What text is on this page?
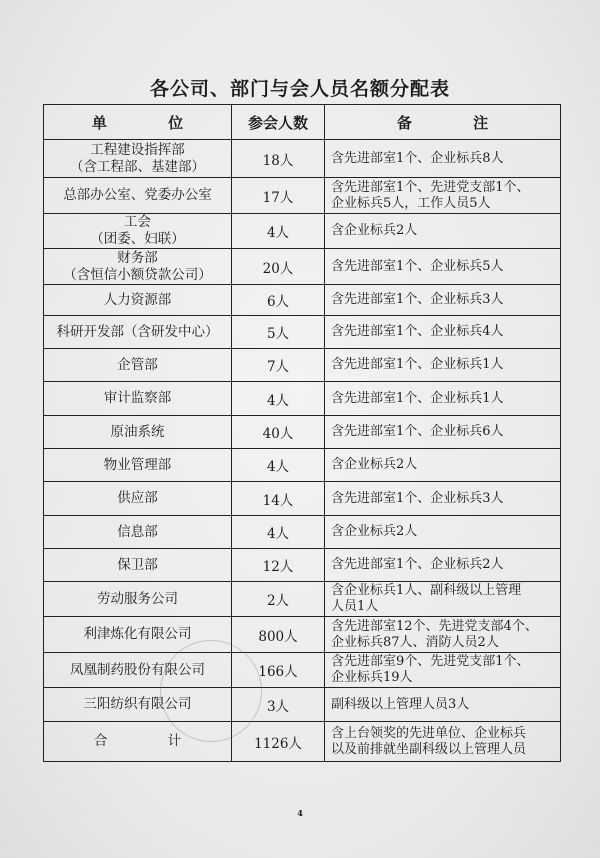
各公司、部门与会人员名额分配表
单 位	参会人数	备 注

工程建设指挥部
（含工程部、基建部）	18人	含先进部室1个、企业标兵8人

总部办公室、党委办公室	17人	含先进部室1个、先进党支部1个、
企业标兵5人，工作人员5人

工会
（团委、妇联）	4人	含企业标兵2人

财务部
（含恒信小额贷款公司）	20人	含先进部室1个、企业标兵5人

人力资源部	6人	含先进部室1个、企业标兵3人

科研开发部（含研发中心）	5人	含先进部室1个、企业标兵4人

企管部	7人	含先进部室1个、企业标兵1人

审计监察部	4人	含先进部室1个、企业标兵1人

原油系统	40人	含先进部室1个、企业标兵6人

物业管理部	4人	含企业标兵2人

供应部	14人	含先进部室1个、企业标兵3人

信息部	4人	含企业标兵2人

保卫部	12人	含先进部室1个、企业标兵2人

劳动服务公司	2人	含企业标兵1人、副科级以上管理
人员1人

利津炼化有限公司	800人	含先进部室12个、先进党支部4个、
企业标兵87人、消防人员2人

凤凰制药股份有限公司	166人	含先进部室9个、先进党支部1个、
企业标兵19人

三阳纺织有限公司	3人	副科级以上管理人员3人

合 计	1126人	含上台领奖的先进单位、企业标兵
以及前排就坐副科级以上管理人员
4
